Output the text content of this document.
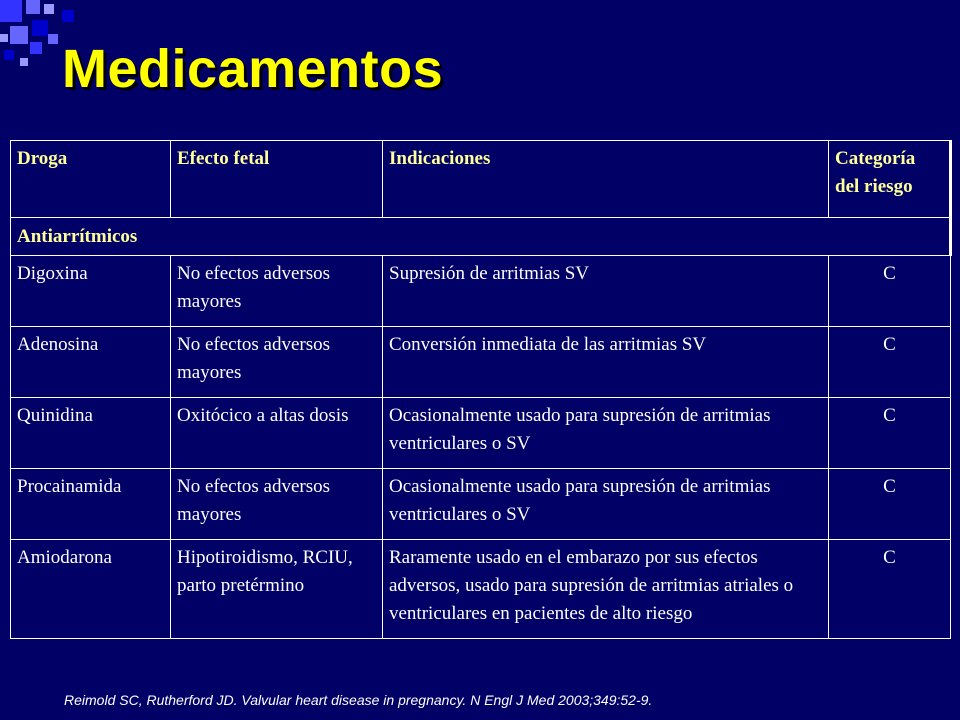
Medicamentos
Droga	Efecto fetal	Indicaciones	Categoría del riesgo
Antiarrítmicos			
Digoxina	No efectos adversos mayores	Supresión de arritmias SV	C
Adenosina	No efectos adversos mayores	Conversión inmediata de las arritmias SV	C
Quinidina	Oxitócico a altas dosis	Ocasionalmente usado para supresión de arritmias ventriculares o SV	C
Procainamida	No efectos adversos mayores	Ocasionalmente usado para supresión de arritmias ventriculares o SV	C
Amiodarona	Hipotiroidismo, RCIU, parto pretérmino	Raramente usado en el embarazo por sus efectos adversos, usado para supresión de arritmias atriales o ventriculares en pacientes de alto riesgo	C
Reimold SC, Rutherford JD. Valvular heart disease in pregnancy. N Engl J Med 2003;349:52-9.
